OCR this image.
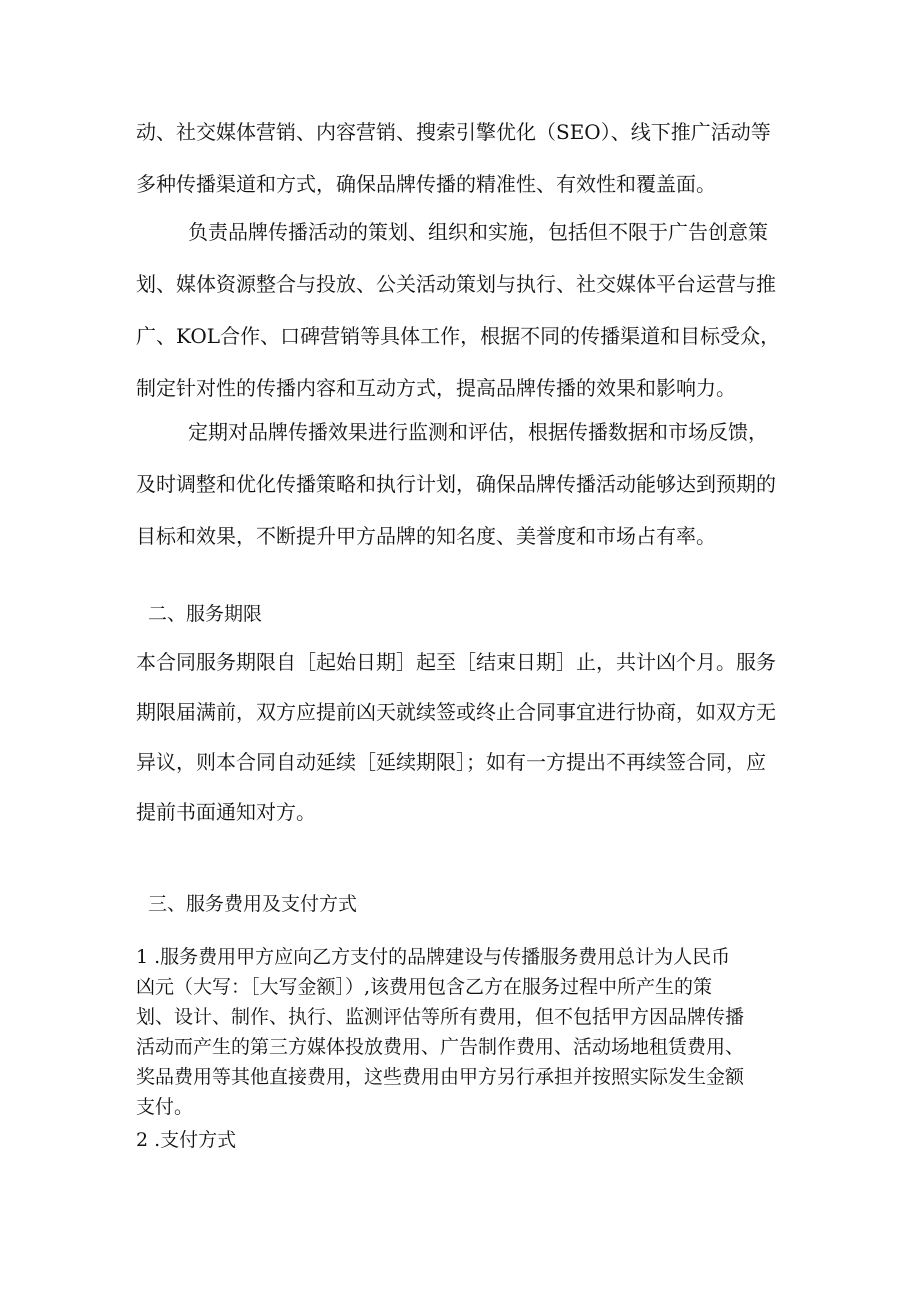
动、社交媒体营销、内容营销、搜索引擎优化（SEO）、线下推广活动等
多种传播渠道和方式，确保品牌传播的精准性、有效性和覆盖面。
负责品牌传播活动的策划、组织和实施，包括但不限于广告创意策
划、媒体资源整合与投放、公关活动策划与执行、社交媒体平台运营与推
广、KOL合作、口碑营销等具体工作，根据不同的传播渠道和目标受众，
制定针对性的传播内容和互动方式，提高品牌传播的效果和影响力。
定期对品牌传播效果进行监测和评估，根据传播数据和市场反馈，
及时调整和优化传播策略和执行计划，确保品牌传播活动能够达到预期的
目标和效果，不断提升甲方品牌的知名度、美誉度和市场占有率。
二、服务期限
本合同服务期限自［起始日期］起至［结束日期］止，共计凶个月。服务
期限届满前，双方应提前凶天就续签或终止合同事宜进行协商，如双方无
异议，则本合同自动延续［延续期限］；如有一方提出不再续签合同，应
提前书面通知对方。
三、服务费用及支付方式
1 .服务费用甲方应向乙方支付的品牌建设与传播服务费用总计为人民币
凶元（大写：［大写金额］）,该费用包含乙方在服务过程中所产生的策
划、设计、制作、执行、监测评估等所有费用，但不包括甲方因品牌传播
活动而产生的第三方媒体投放费用、广告制作费用、活动场地租赁费用、
奖品费用等其他直接费用，这些费用由甲方另行承担并按照实际发生金额
支付。
2 .支付方式
